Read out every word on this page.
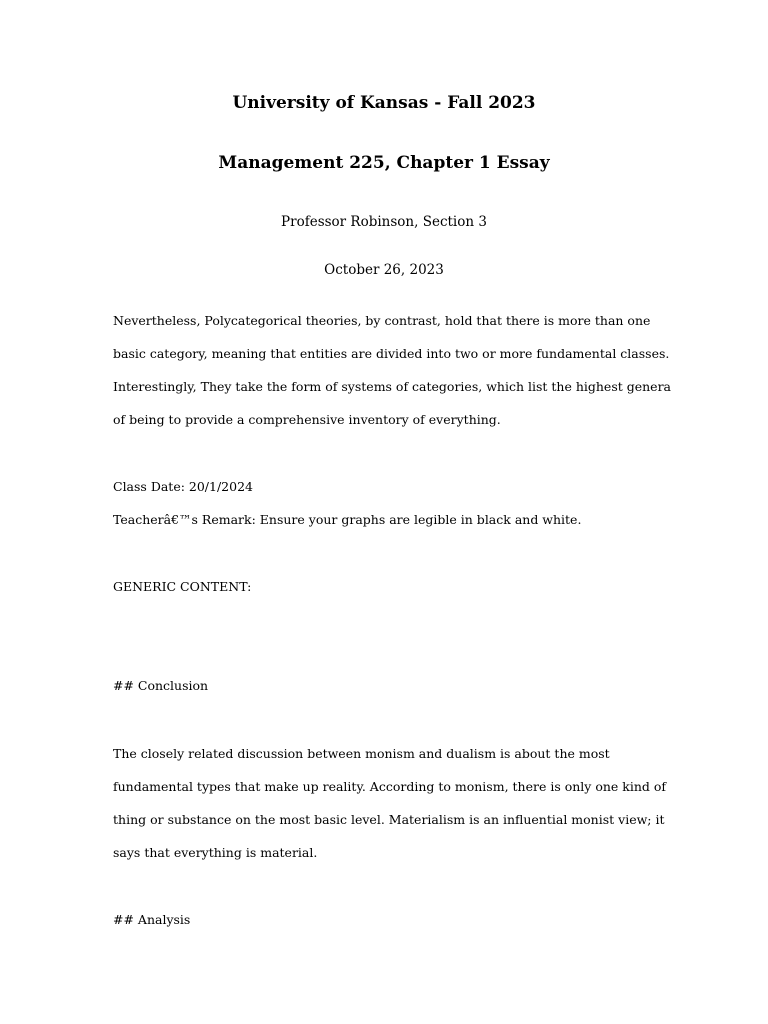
University of Kansas - Fall 2023
Management 225, Chapter 1 Essay
Professor Robinson, Section 3
October 26, 2023

Nevertheless, Polycategorical theories, by contrast, hold that there is more than one basic category, meaning that entities are divided into two or more fundamental classes. Interestingly, They take the form of systems of categories, which list the highest genera of being to provide a comprehensive inventory of everything.

Class Date: 20/1/2024
Teacherâ€™s Remark: Ensure your graphs are legible in black and white.
GENERIC CONTENT:
## Conclusion

The closely related discussion between monism and dualism is about the most fundamental types that make up reality. According to monism, there is only one kind of thing or substance on the most basic level. Materialism is an influential monist view; it says that everything is material.

## Analysis
